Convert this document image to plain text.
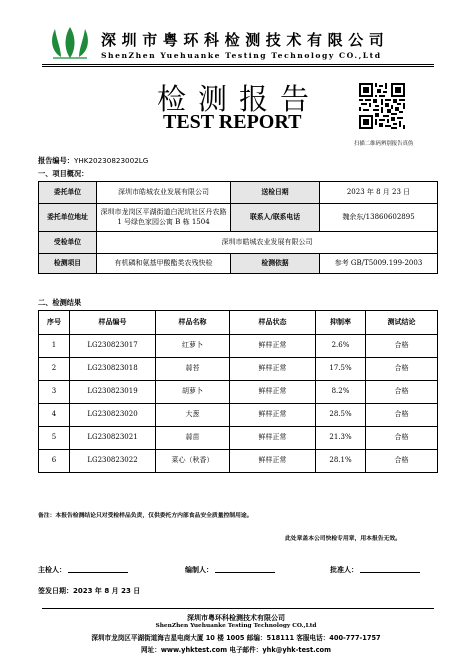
深圳市粤环科检测技术有限公司
ShenZhen Yuehuanke Testing Technology CO.,Ltd
检测报告
TEST REPORT
扫描二维码辨别报告真伪
报告编号：YHK20230823002LG
一、项目概况：
委托单位	深圳市皓城农业发展有限公司	送检日期	2023 年 8 月 23 日
委托单位地址	深圳市龙岗区平湖街道白泥坑社区丹农路 1 号绿色家园公寓 B 栋 1504	联系人/联系电话	魏余东/13860602895
受检单位	深圳市皓城农业发展有限公司		
检测项目	有机磷和氨基甲酸酯类农残快检	检测依据	参考 GB/T5009.199-2003
二、检测结果
序号	样品编号	样品名称	样品状态	抑制率	测试结论
1	LG230823017	红萝卜	鲜样正常	2.6%	合格
2	LG230823018	蒜苔	鲜样正常	17.5%	合格
3	LG230823019	胡萝卜	鲜样正常	8.2%	合格
4	LG230823020	大葱	鲜样正常	28.5%	合格
5	LG230823021	蒜苗	鲜样正常	21.3%	合格
6	LG230823022	菜心（秋香）	鲜样正常	28.1%	合格
备注：本报告检测结论只对受检样品负责，仅供委托方内部食品安全质量控制用途。
此处章盖本公司快检专用章，用本报告无效。
主检人：	编制人：	批准人：
签发日期：2023 年 8 月 23 日
深圳市粤环科检测技术有限公司
ShenZhen Yuehuanke Testing Technology CO.,Ltd
深圳市龙岗区平湖街道海吉星电商大厦 10 楼 1005 邮编：518111 客服电话：400-777-1757
网址：www.yhktest.com 电子邮件：yhk@yhk-test.com
